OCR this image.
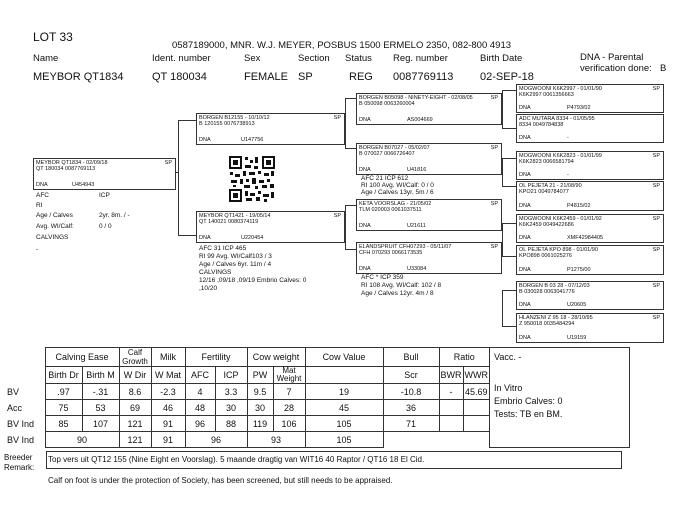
LOT 33
0587189000, MNR. W.J. MEYER, POSBUS 1500 ERMELO 2350, 082-800 4913
Name	Ident. number	Sex	Section Status Reg. number	Birth Date	DNA - Parental
verification done: B
MEYBOR QT1834	QT 180034	FEMALE SP	REG 0087769113 02-SEP-18
MEYBOR QT1834 - 02/09/18	SP
QT 180034 0087769113
DNA	U454943
AFC	ICP
RI
Age / Calves	2yr. 8m. / -
Avg. WI/Calf:	0 / 0
CALVINGS
-
BORGEN B12155 - 10/10/12	SP
B 120155 0076738913
DNA	U147756
MEYBOR QT1421 - 19/05/14	SP
QT 140021 0080374119
DNA	U220454
AFC 31 ICP 465
RI 99 Avg. WI/Calf103 / 3
Age / Calves 6yr. 11m / 4
CALVINGS
12/16 ,09/18 ,09/19 Embrio Calves: 0
,10/20
BORGEN B05098 - NINETY-EIGHT - 02/08/05	SP
B 050098 0063260004
DNA	AS004669
BORGEN B07027 - 05/02/07	SP
B 070027 0066726407
DNA	U41816
AFC 21 ICP 612
RI 100 Avg. WI/Calf: 0 / 0
Age / Calves 13yr. 5m / 6
KETA VOORSLAG - 21/05/02	SP
TLM 020003 0061037511
DNA	U21611
ELANDSPRUIT CFH07293 - 05/11/07	SP
CFH 070293 0066173535
DNA	U33084
AFC * ICP 359
RI 108 Avg. WI/Calf: 102 / 8
Age / Calves 12yr. 4m / 8
MOGWOONI K6K2997 - 01/01/90	SP
K6K2997 0061356663
DNA	P4793/02
ADC MUTARA 8334 - 01/05/95
8334 0049784838
DNA	-
MOGWOONI K6K2823 - 01/01/99	SP
K6K2823 0066581794
DNA	-
OL PEJETA 21 - 21/08/90	SP
KPO21 0049784077
DNA	P4815/02
MOGWOONI K6K2459 - 01/01/92	SP
K6K2459 0049422686
DNA	XMF42984405
OL PEJETA KPO 898 - 01/01/90	SP
KPO898 0061025276
DNA	P1275/00
BORGEN B 03 28 - 07/12/03	SP
B 030028 0063041776
DNA	U20605
HLANZENI Z 95 18 - 28/10/95	SP
Z 950018 0035484294
DNA	U19159
	Calving Ease		Calf Growth	Milk	Fertility		Cow weight		Cow Value	Bull	Ratio		Vacc. -
In Vitro
Embrio Calves: 0
Tests: TB en BM.

	Birth Dr	Birth M	W Dir	W Mat	AFC	ICP	PW	Mat Weight		Scr	BWR	WWR	
BV	.97	-.31	8.6	-2.3	4	3.3	9.5	7	19	-10.8	-	45.69	
Acc	75	53	69	46	48	30	30	28	45	36			
BV Ind	85	107	121	91	96	88	119	106	105	71			
BV Ind	90		121	91	96		93		105				
Breeder Remark:
Top vers uit QT12 155 (Nine Eight en Voorslag). 5 maande dragtig van WIT16 40 Raptor / QT16 18 El Cid.
Calf on foot is under the protection of Society, has been screened, but still needs to be appraised.
